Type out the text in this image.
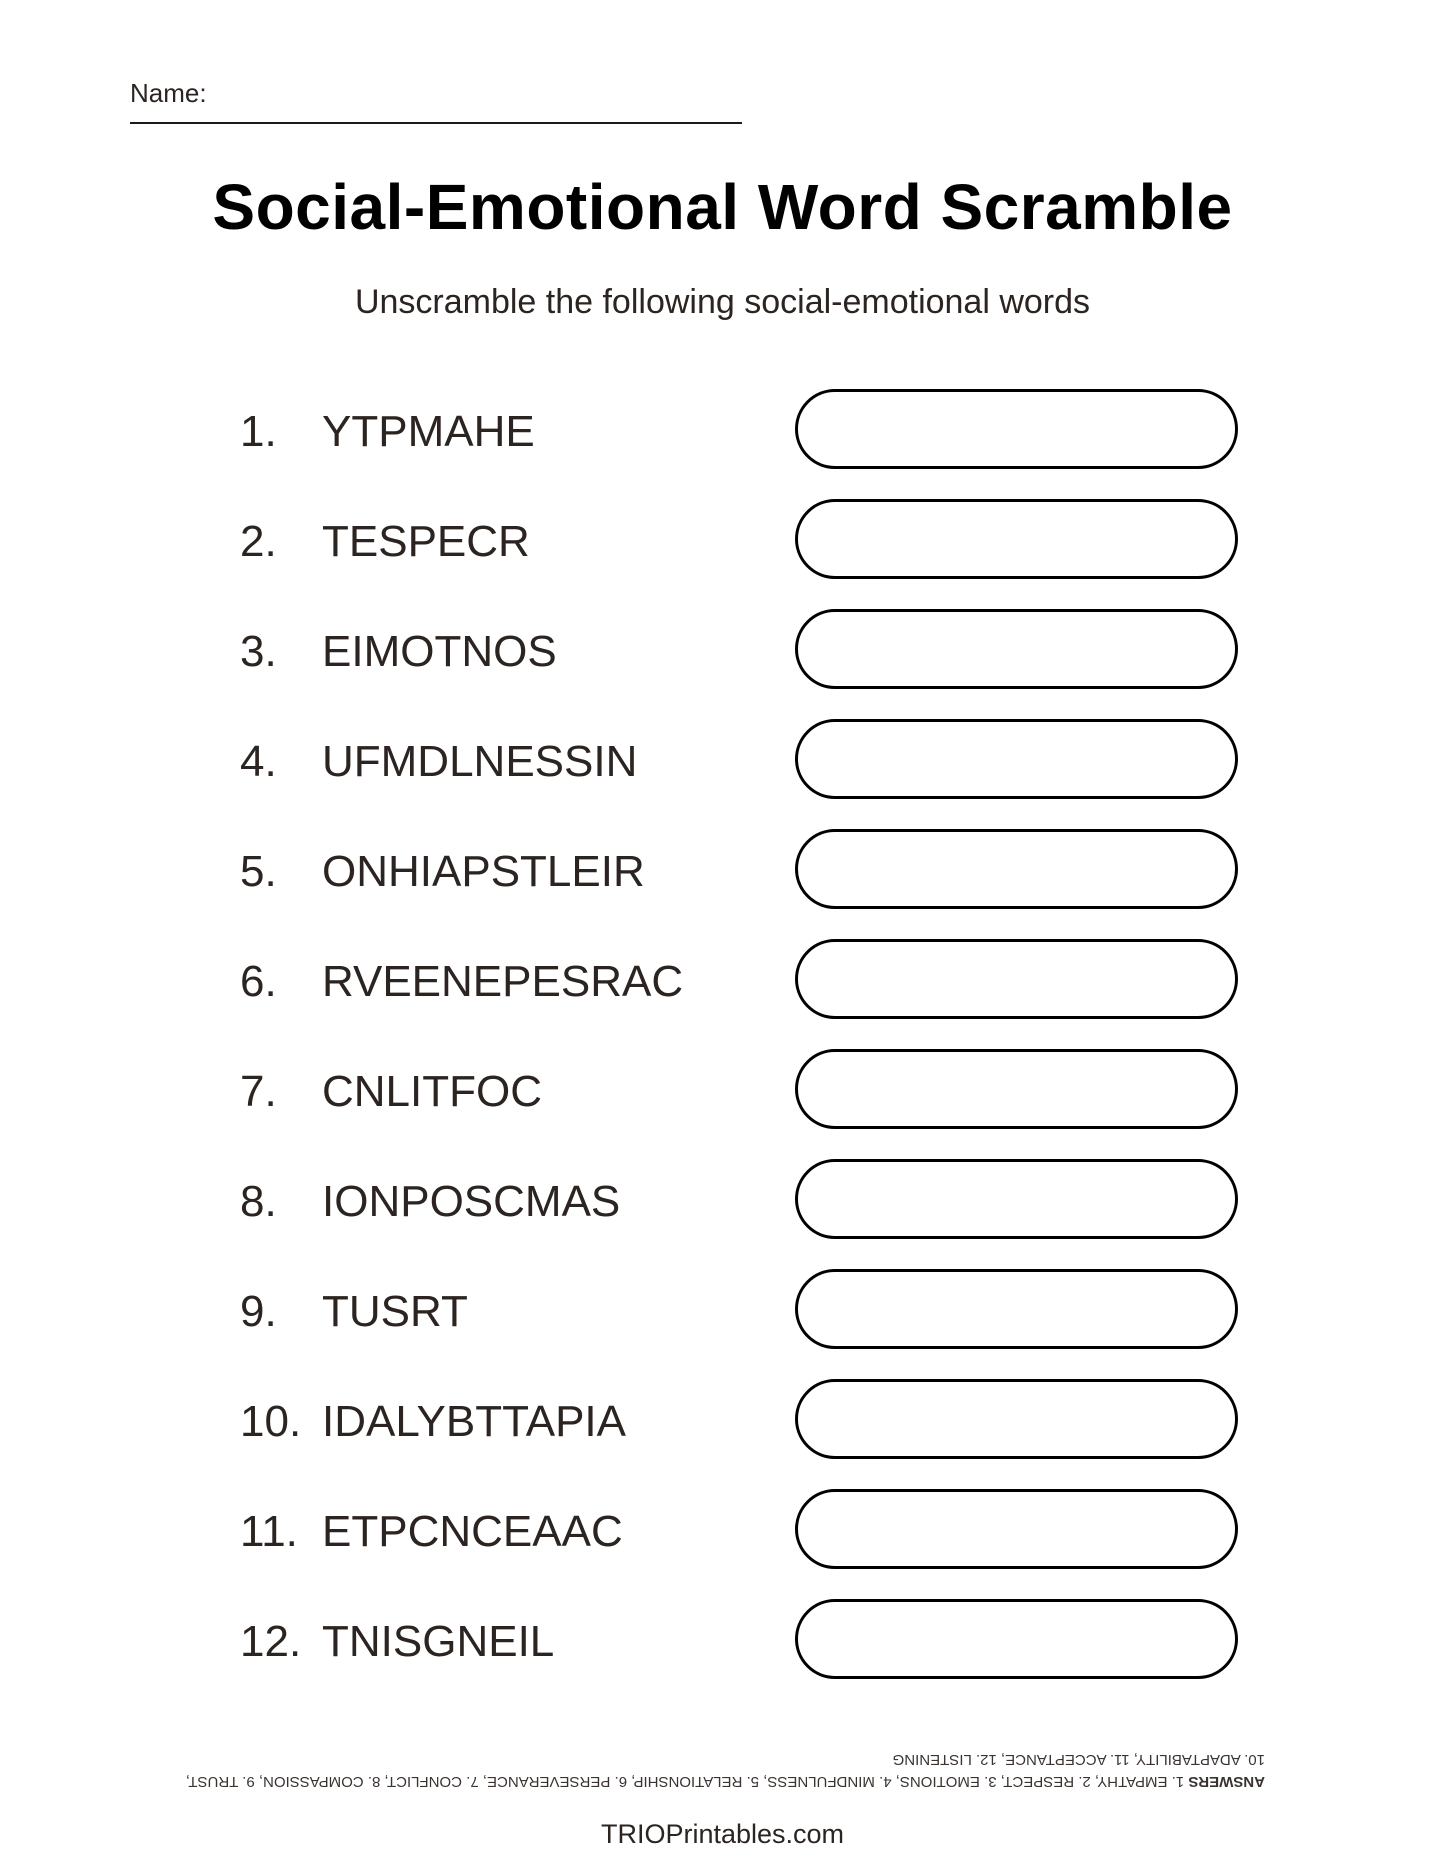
Name:
Social-Emotional Word Scramble

Unscramble the following social-emotional words

1. YTPMAHE
2. TESPECR
3. EIMOTNOS
4. UFMDLNESSIN
5. ONHIAPSTLEIR
6. RVEENEPESRAC
7. CNLITFOC
8. IONPOSCMAS
9. TUSRT
10. IDALYBTTAPIA
11. ETPCNCEAAC
12. TNISGNEIL
ANSWERS 1. EMPATHY, 2. RESPECT, 3. EMOTIONS, 4. MINDFULNESS, 5. RELATIONSHIP, 6. PERSEVERANCE, 7. CONFLICT, 8. COMPASSION, 9. TRUST, 10. ADAPTABILITY, 11. ACCEPTANCE, 12. LISTENING
TRIOPrintables.com
